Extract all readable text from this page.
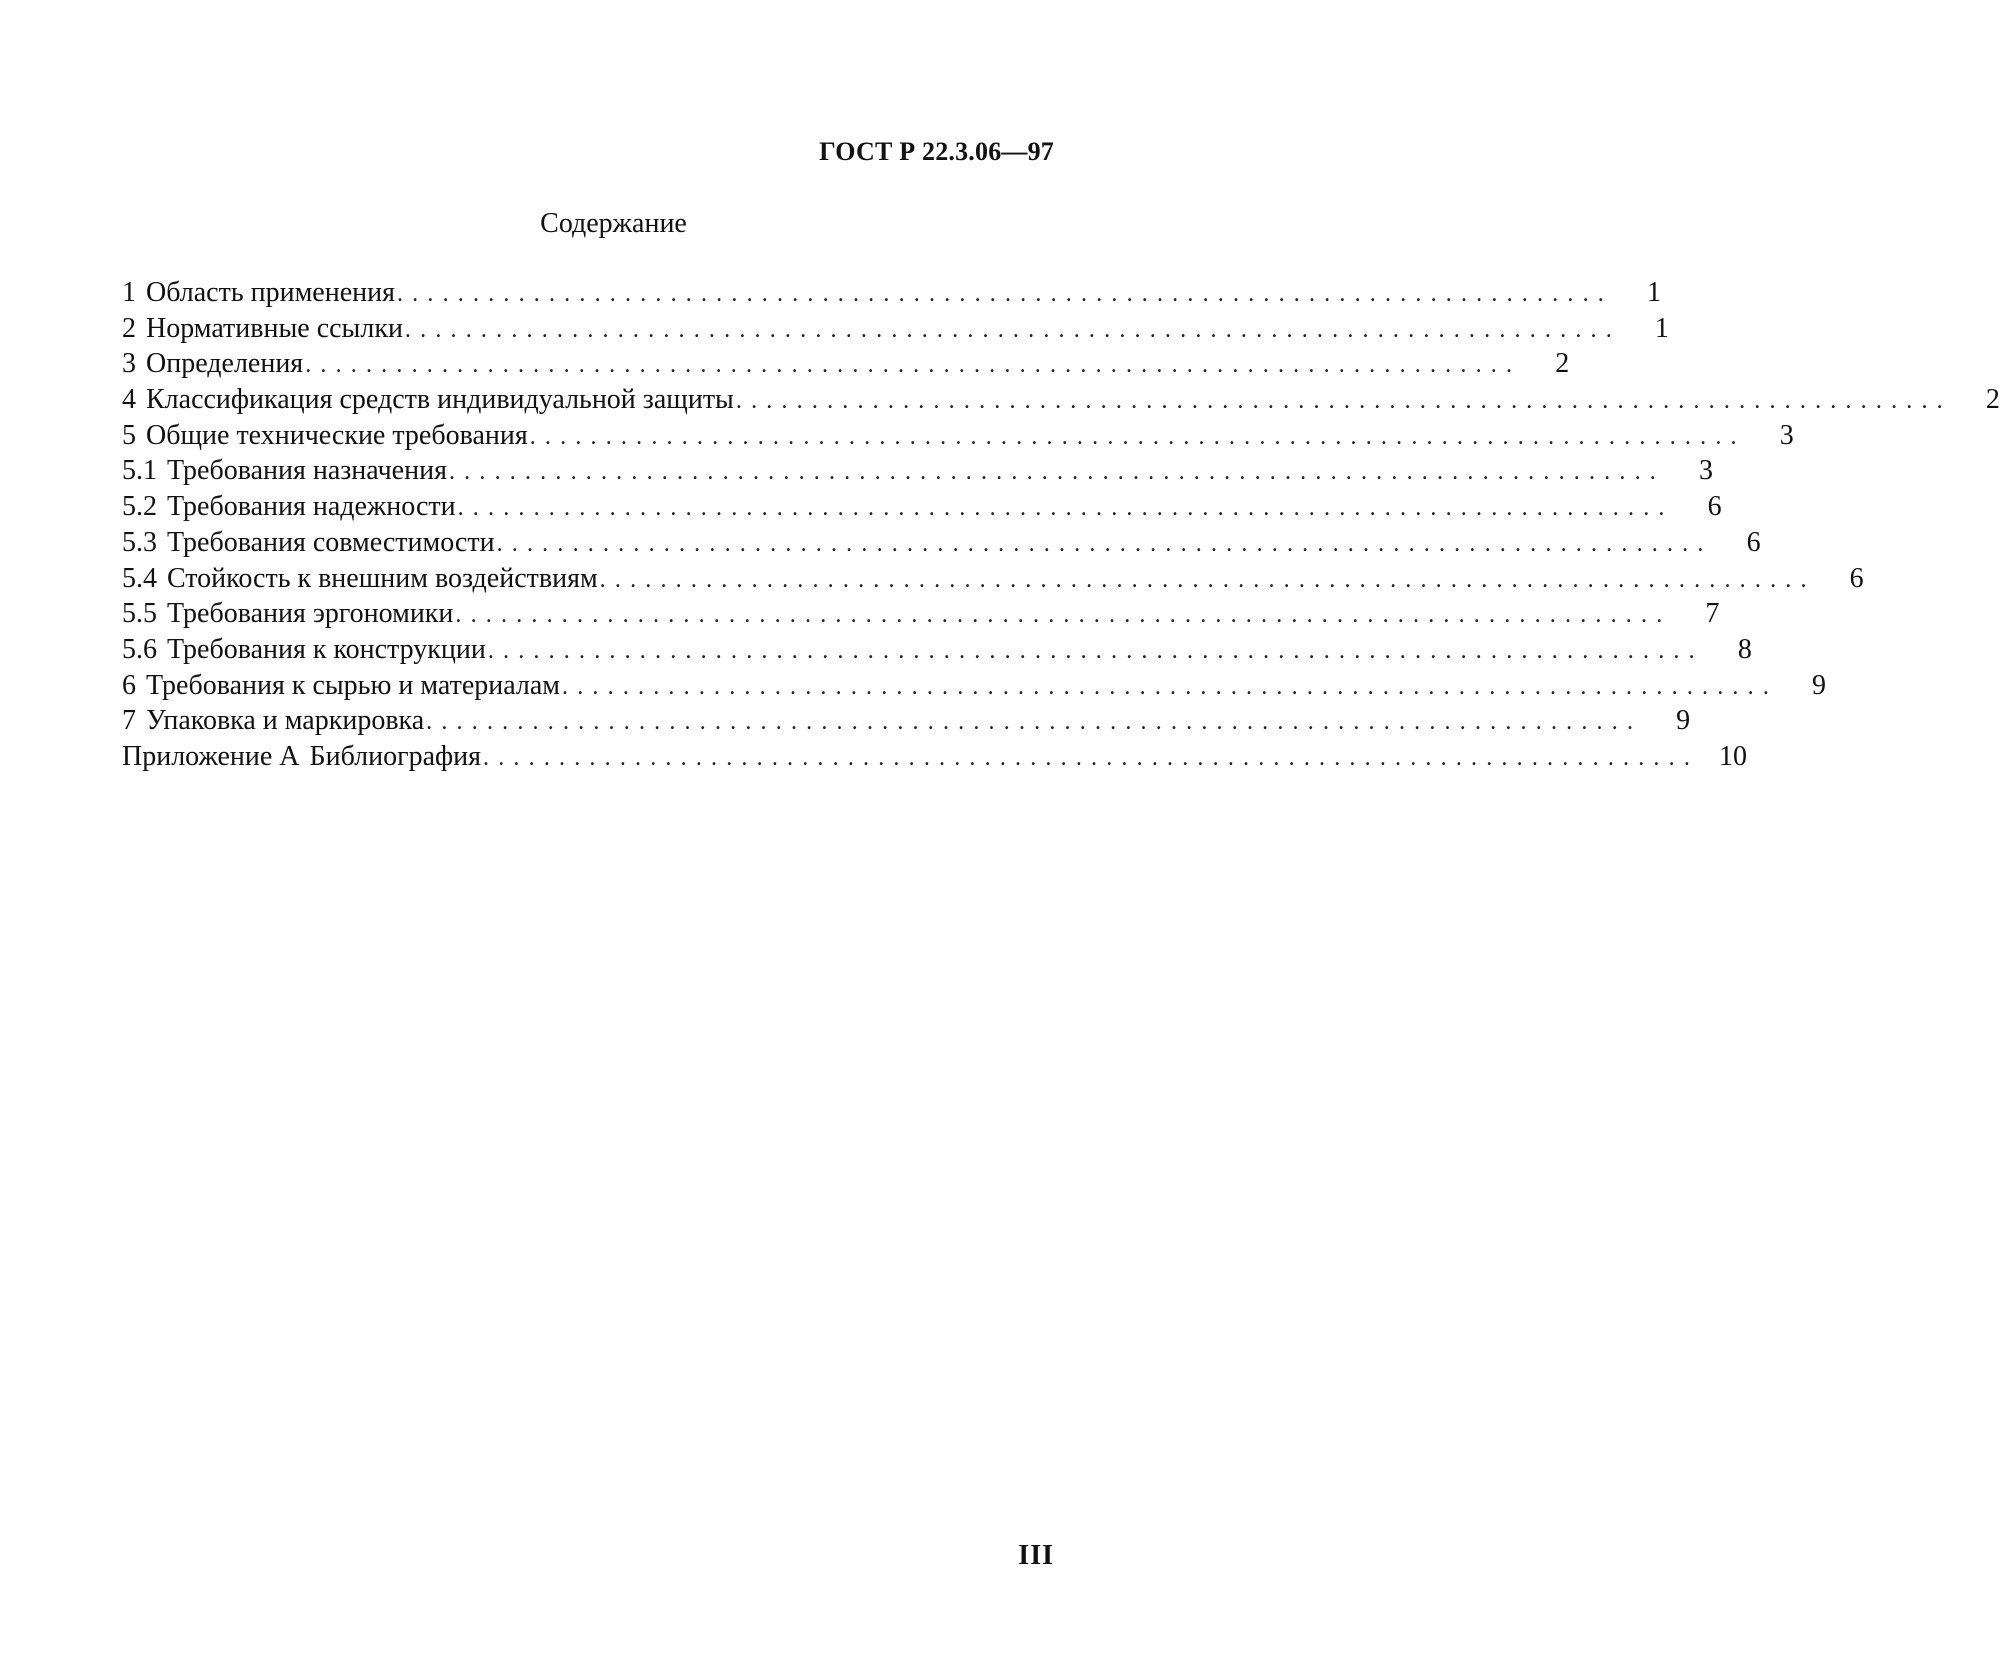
ГОСТ Р 22.3.06—97
Содержание
1 Область применения ................................................................................	1
2 Нормативные ссылки ................................................................................	1
3 Определения ................................................................................	2
4 Классификация средств индивидуальной защиты ................................................................................	2
5 Общие технические требования ................................................................................	3
5.1 Требования назначения ................................................................................	3
5.2 Требования надежности ................................................................................	6
5.3 Требования совместимости ................................................................................	6
5.4 Стойкость к внешним воздействиям ................................................................................	6
5.5 Требования эргономики ................................................................................	7
5.6 Требования к конструкции ................................................................................	8
6 Требования к сырью и материалам ................................................................................	9
7 Упаковка и маркировка ................................................................................	9
Приложение А Библиография ................................................................................ 10
III
